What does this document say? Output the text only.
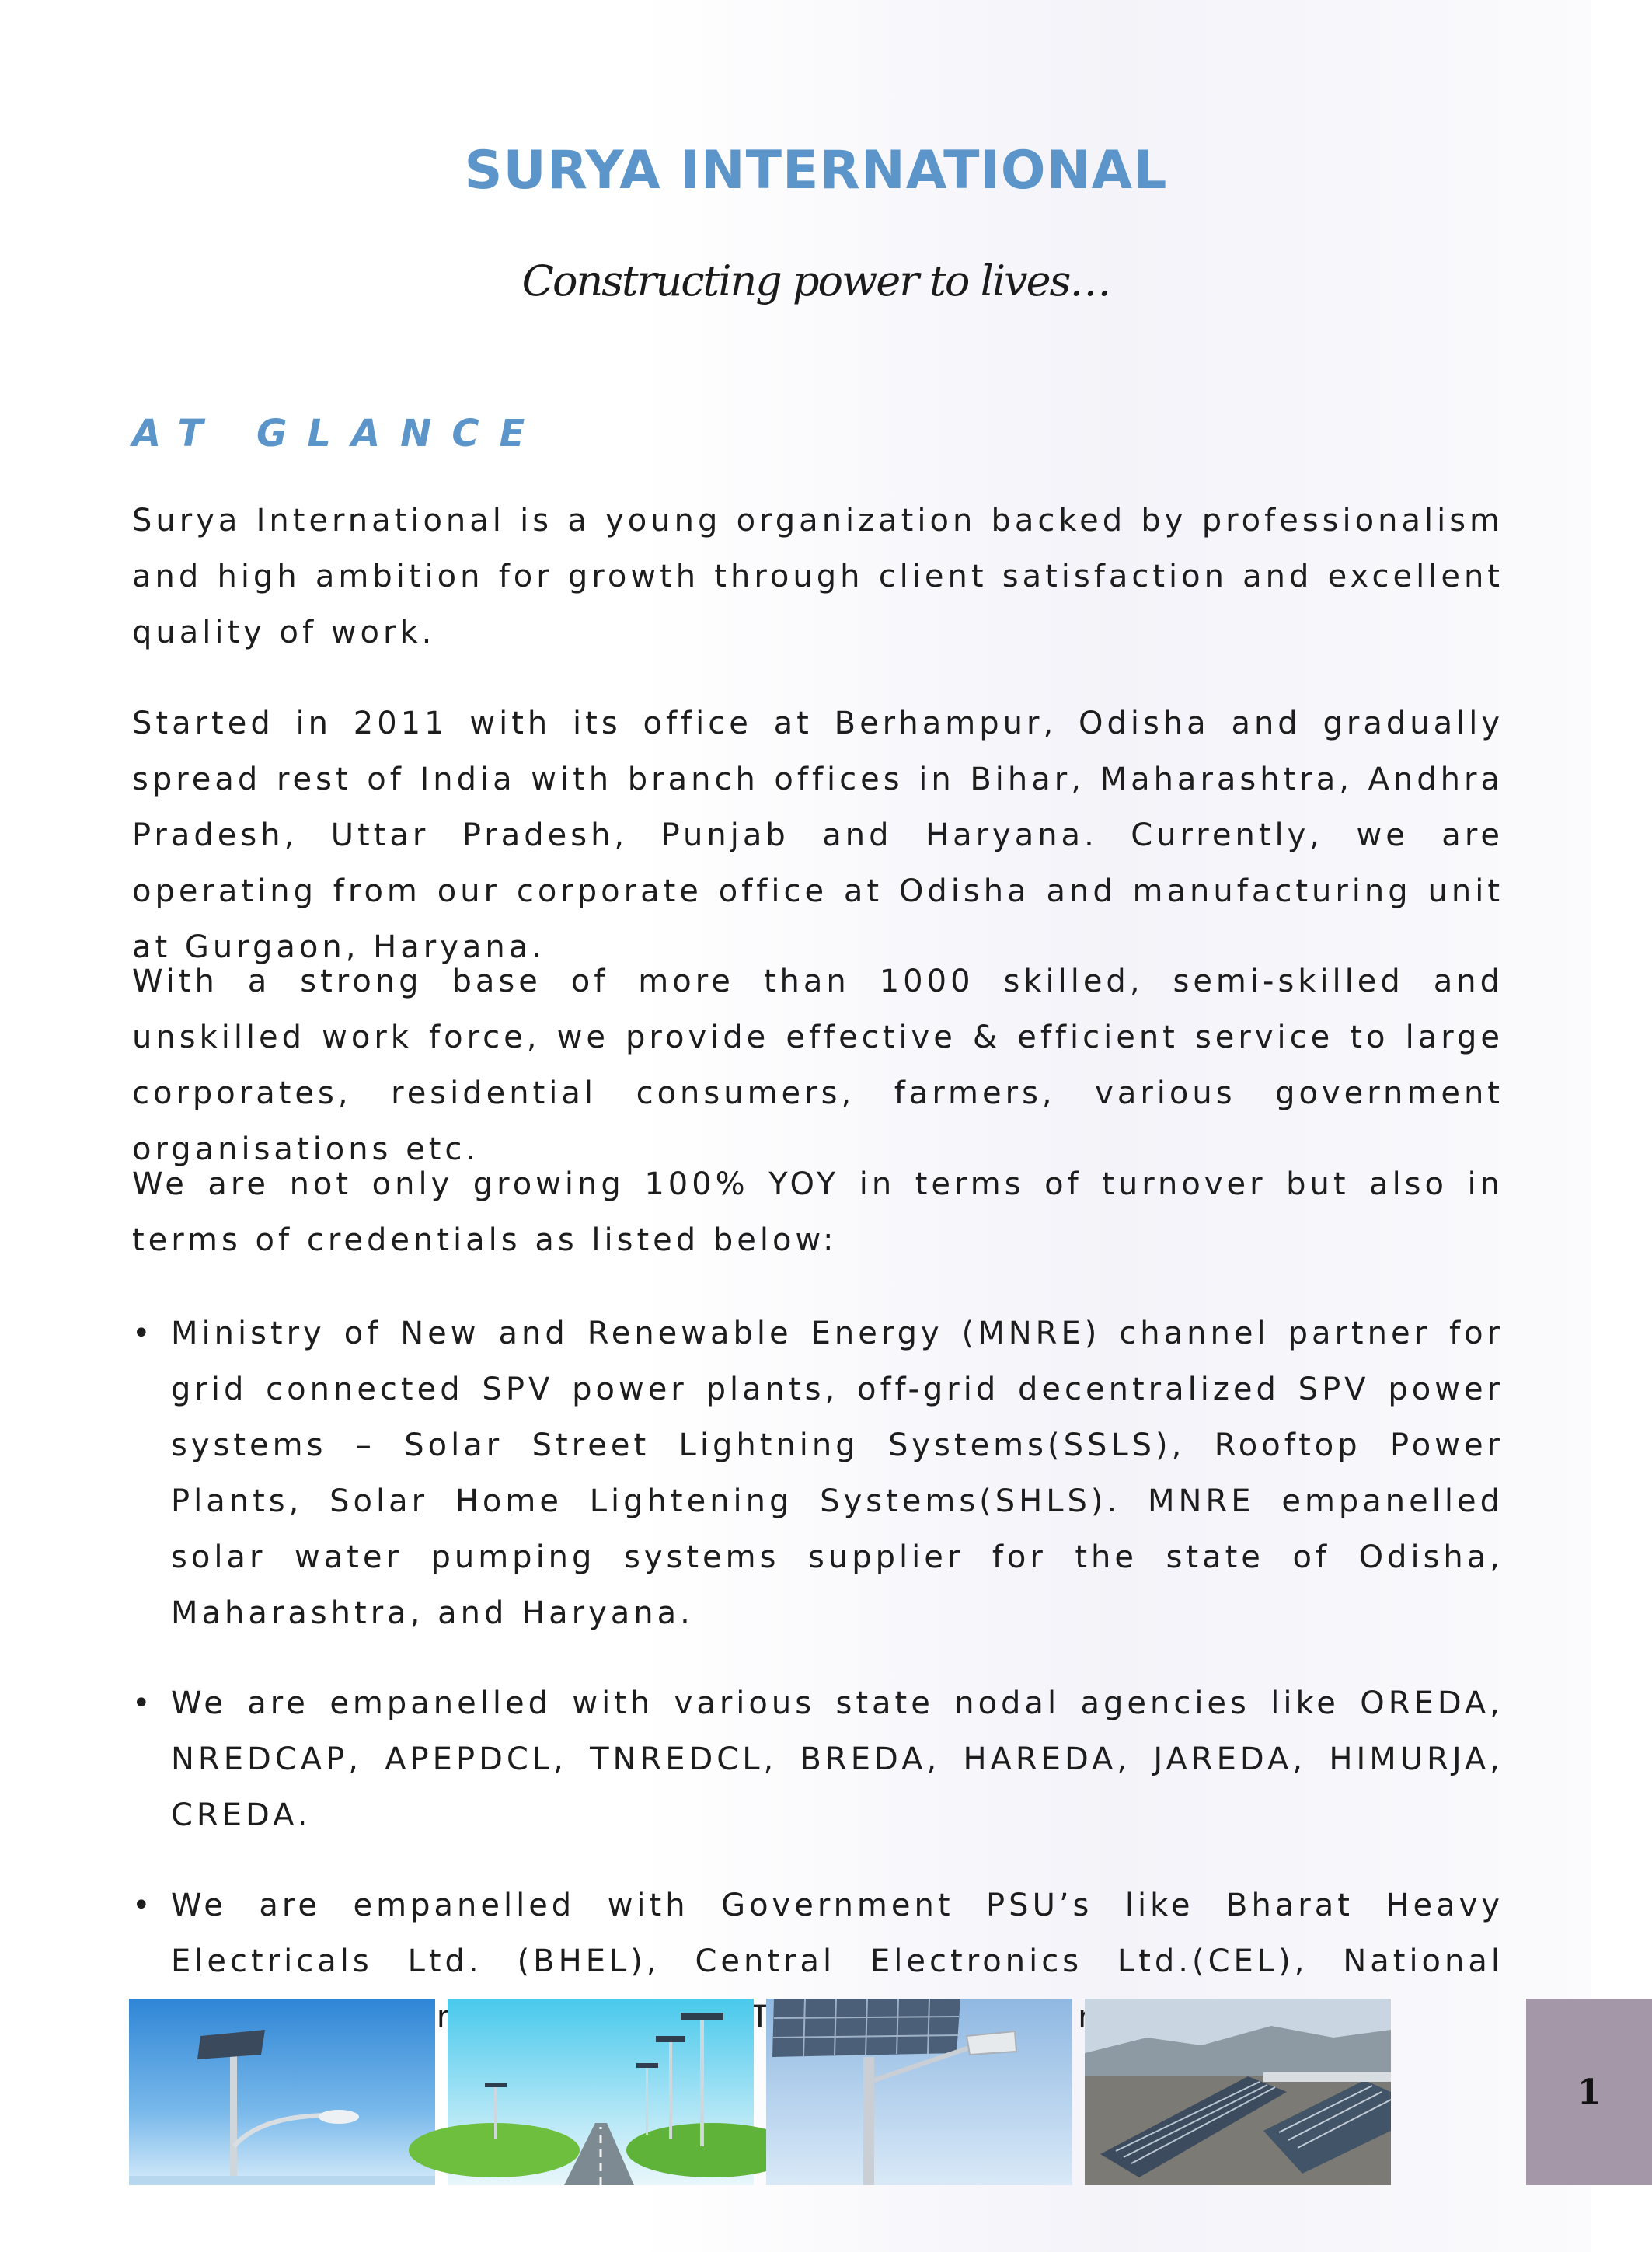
SURYA INTERNATIONAL
Constructing power to lives…
AT GLANCE

Surya International is a young organization backed by professionalism and high ambition for growth through client satisfaction and excellent quality of work.

Started in 2011 with its office at Berhampur, Odisha and gradually spread rest of India with branch offices in Bihar, Maharashtra, Andhra Pradesh, Uttar Pradesh, Punjab and Haryana. Currently, we are operating from our corporate office at Odisha and manufacturing unit at Gurgaon, Haryana.

With a strong base of more than 1000 skilled, semi-skilled and unskilled work force, we provide effective & efficient service to large corporates, residential consumers, farmers, various government organisations etc.

We are not only growing 100% YOY in terms of turnover but also in terms of credentials as listed below:

• Ministry of New and Renewable Energy (MNRE) channel partner for grid connected SPV power plants, off-grid decentralized SPV power systems – Solar Street Lightning Systems(SSLS), Rooftop Power Plants, Solar Home Lightening Systems(SHLS). MNRE empanelled solar water pumping systems supplier for the state of Odisha, Maharashtra, and Haryana.
• We are empanelled with various state nodal agencies like OREDA, NREDCAP, APEPDCL, TNREDCL, BREDA, HAREDA, JAREDA, HIMURJA, CREDA.
• We are empanelled with Government PSU’s like Bharat Heavy Electricals Ltd. (BHEL), Central Electronics Ltd.(CEL), National
1
